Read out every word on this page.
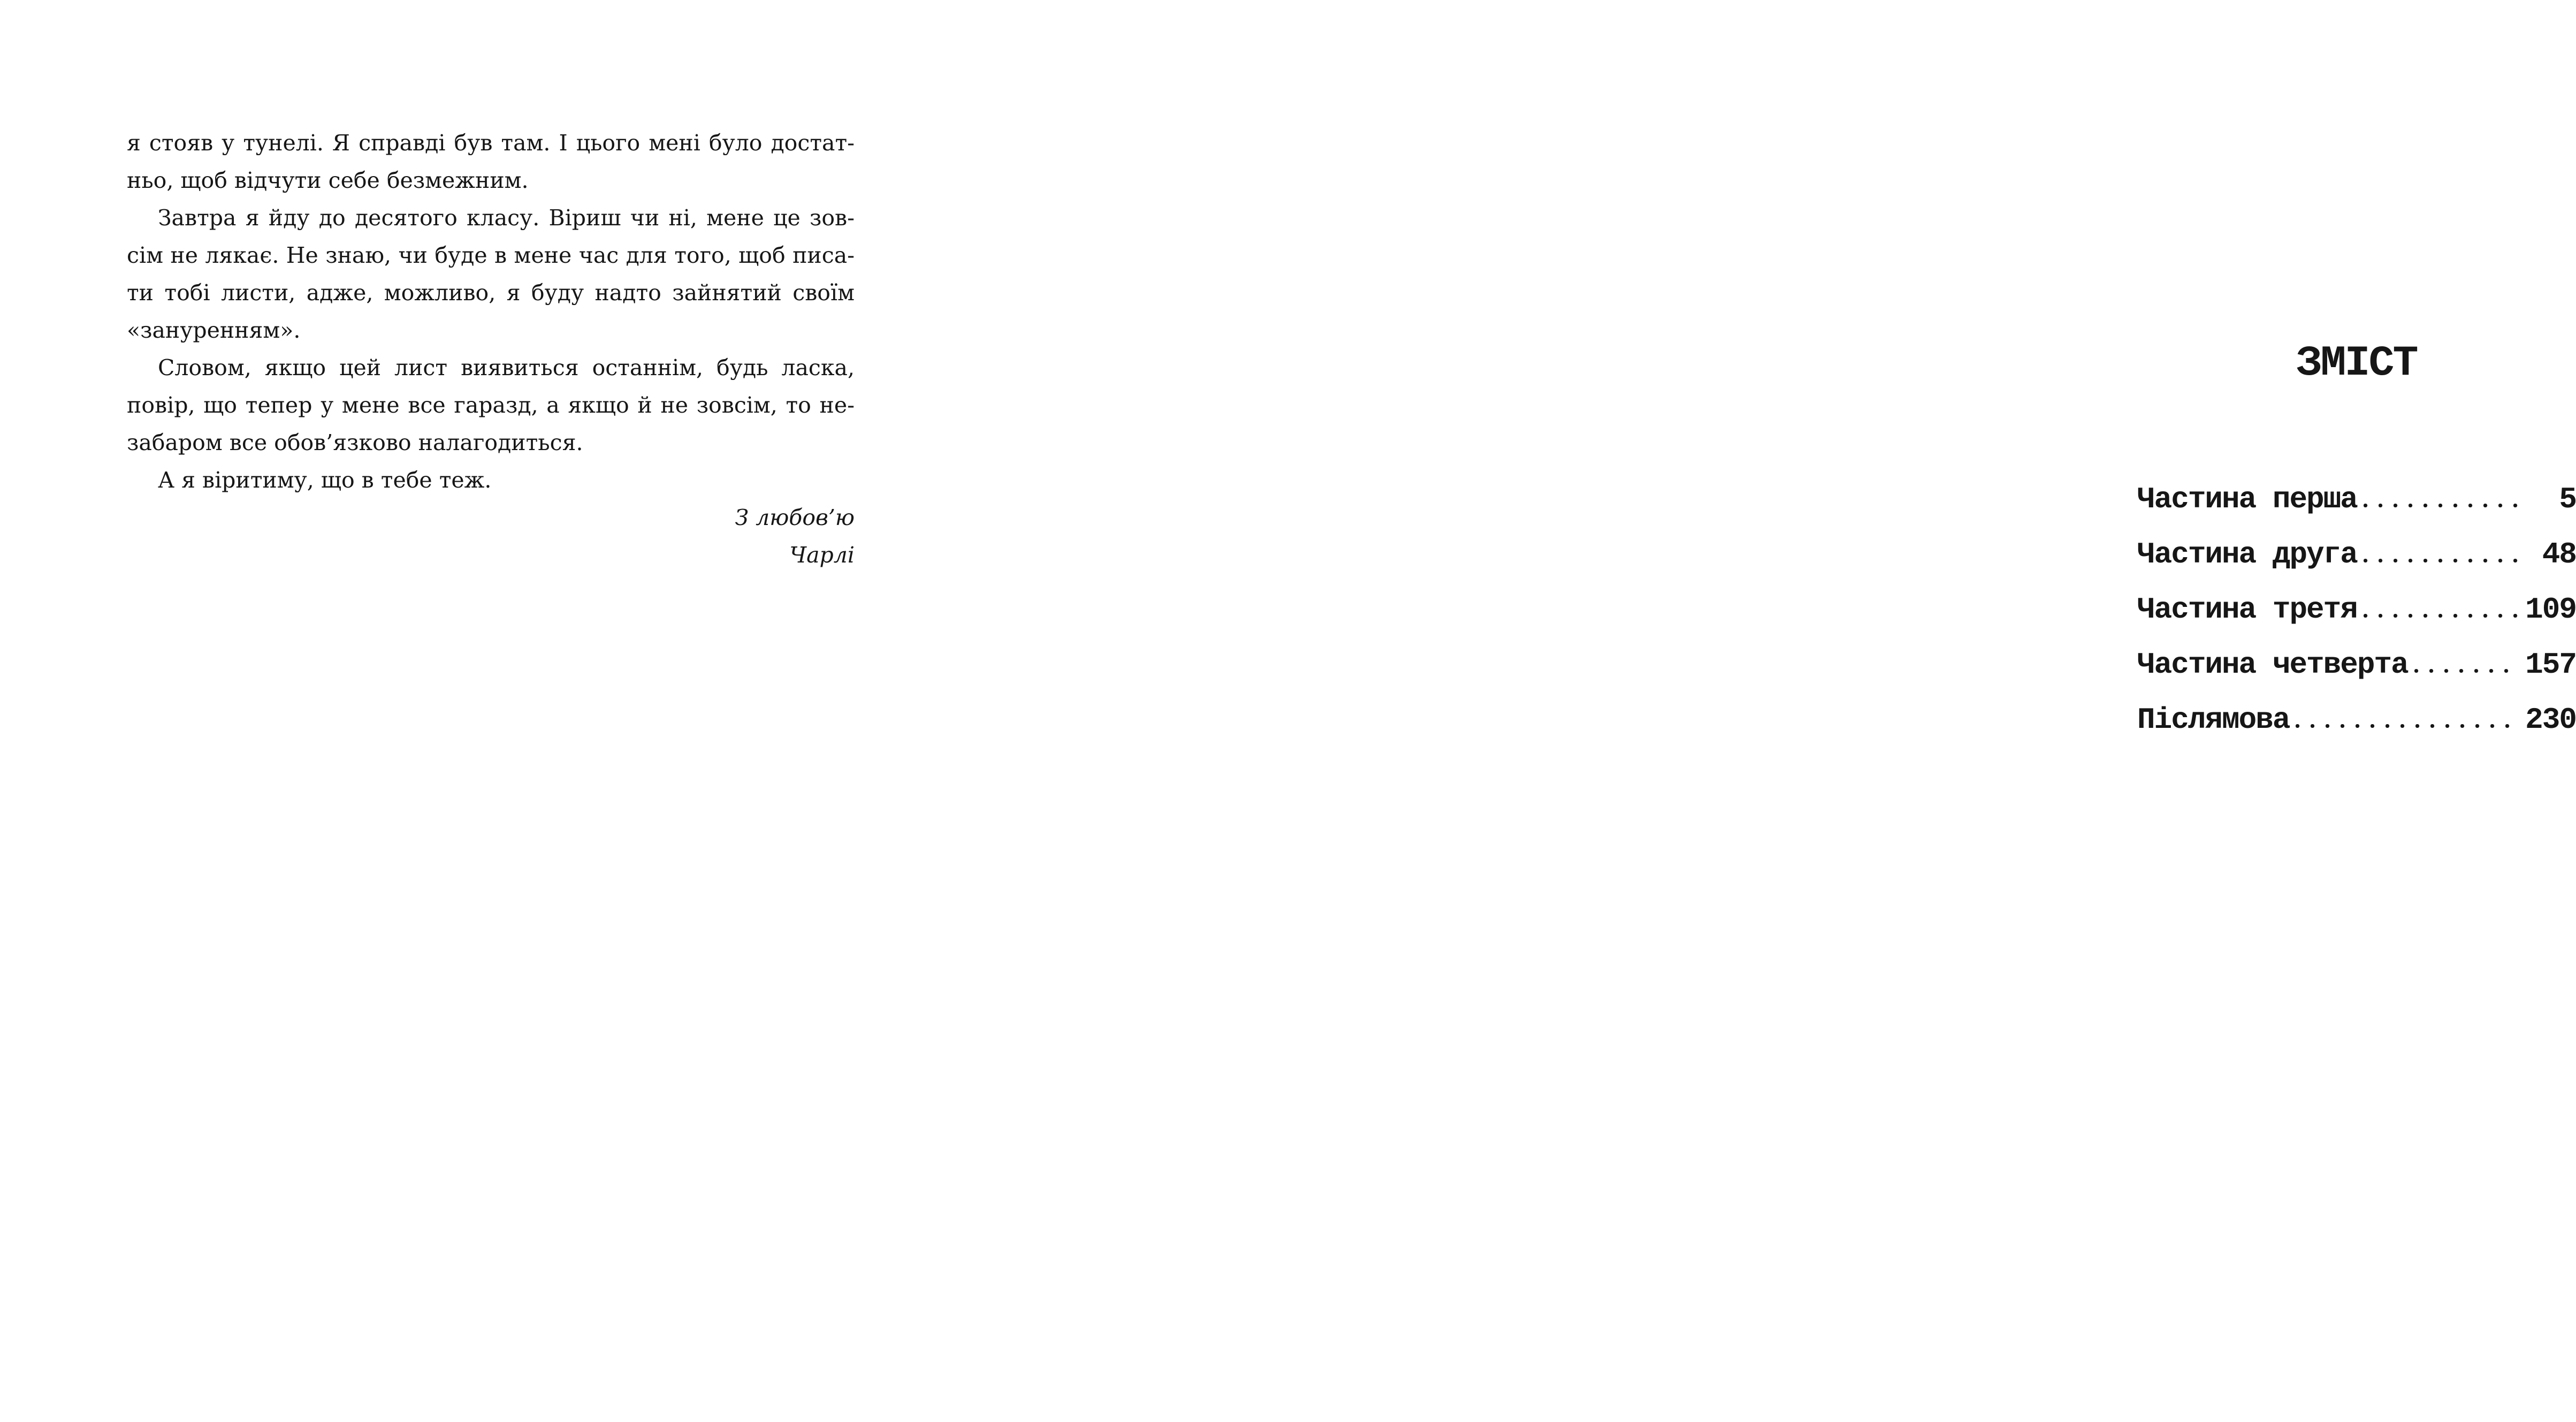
я стояв у тунелі. Я справді був там. І цього мені було достат-
ньо, щоб відчути себе безмежним.
Завтра я йду до десятого класу. Віриш чи ні, мене це зов-
сім не лякає. Не знаю, чи буде в мене час для того, щоб писа-
ти тобі листи, адже, можливо, я буду надто зайнятий своїм
«зануренням».
Словом, якщо цей лист виявиться останнім, будь ласка,
повір, що тепер у мене все гаразд, а якщо й не зовсім, то не-
забаром все обов’язково налагодиться.
А я віритиму, що в тебе теж.
З любов’ю
Чарлі
ЗМІСТ
Частина перша	5
Частина друга	48
Частина третя	109
Частина четверта	157
Післямова	230
